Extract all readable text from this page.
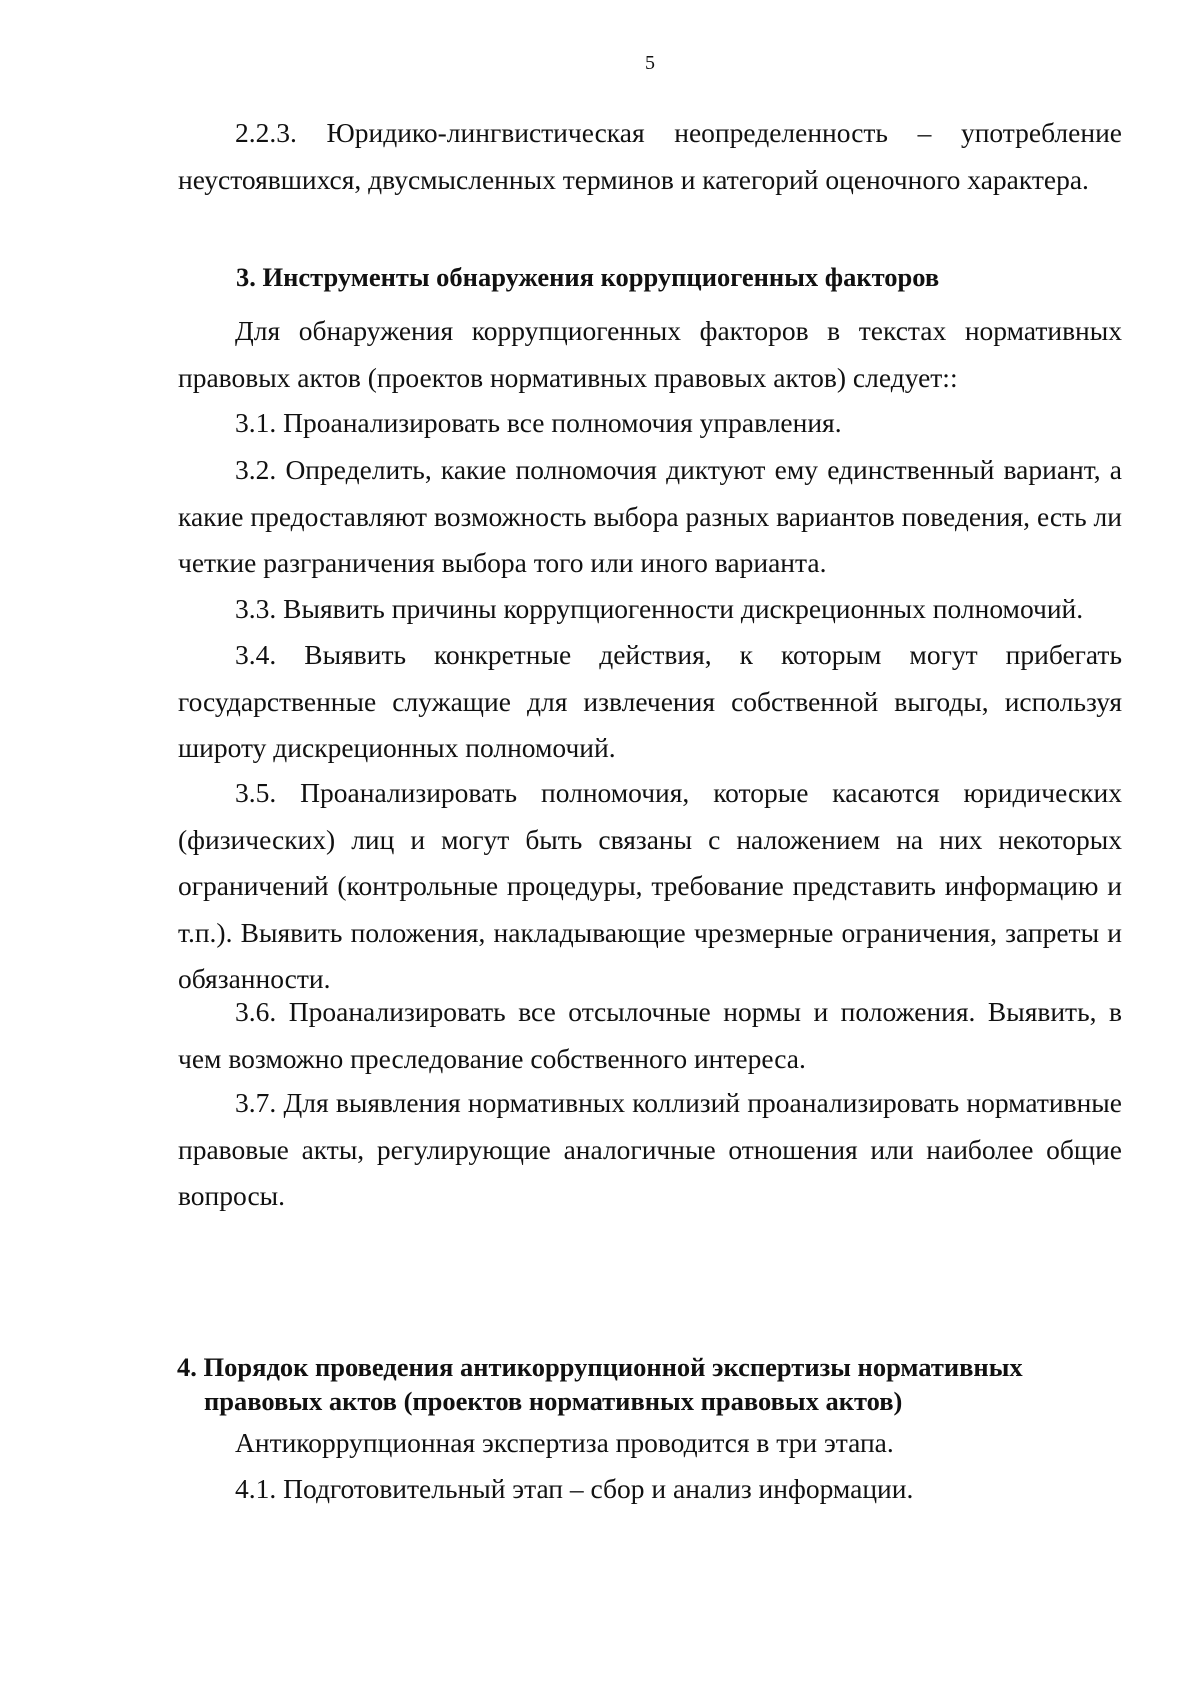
5

2.2.3. Юридико-лингвистическая неопределенность – употребление неустоявшихся, двусмысленных терминов и категорий оценочного характера.

3. Инструменты обнаружения коррупциогенных факторов

Для обнаружения коррупциогенных факторов в текстах нормативных правовых актов (проектов нормативных правовых актов) следует::

3.1. Проанализировать все полномочия управления.

3.2. Определить, какие полномочия диктуют ему единственный вариант, а какие предоставляют возможность выбора разных вариантов поведения, есть ли четкие разграничения выбора того или иного варианта.

3.3. Выявить причины коррупциогенности дискреционных полномочий.

3.4. Выявить конкретные действия, к которым могут прибегать государственные служащие для извлечения собственной выгоды, используя широту дискреционных полномочий.

3.5. Проанализировать полномочия, которые касаются юридических (физических) лиц и могут быть связаны с наложением на них некоторых ограничений (контрольные процедуры, требование представить информацию и т.п.). Выявить положения, накладывающие чрезмерные ограничения, запреты и обязанности.

3.6. Проанализировать все отсылочные нормы и положения. Выявить, в чем возможно преследование собственного интереса.

3.7. Для выявления нормативных коллизий проанализировать нормативные правовые акты, регулирующие аналогичные отношения или наиболее общие вопросы.

4. Порядок проведения антикоррупционной экспертизы нормативных правовых актов (проектов нормативных правовых актов)

Антикоррупционная экспертиза проводится в три этапа.

4.1. Подготовительный этап – сбор и анализ информации.
